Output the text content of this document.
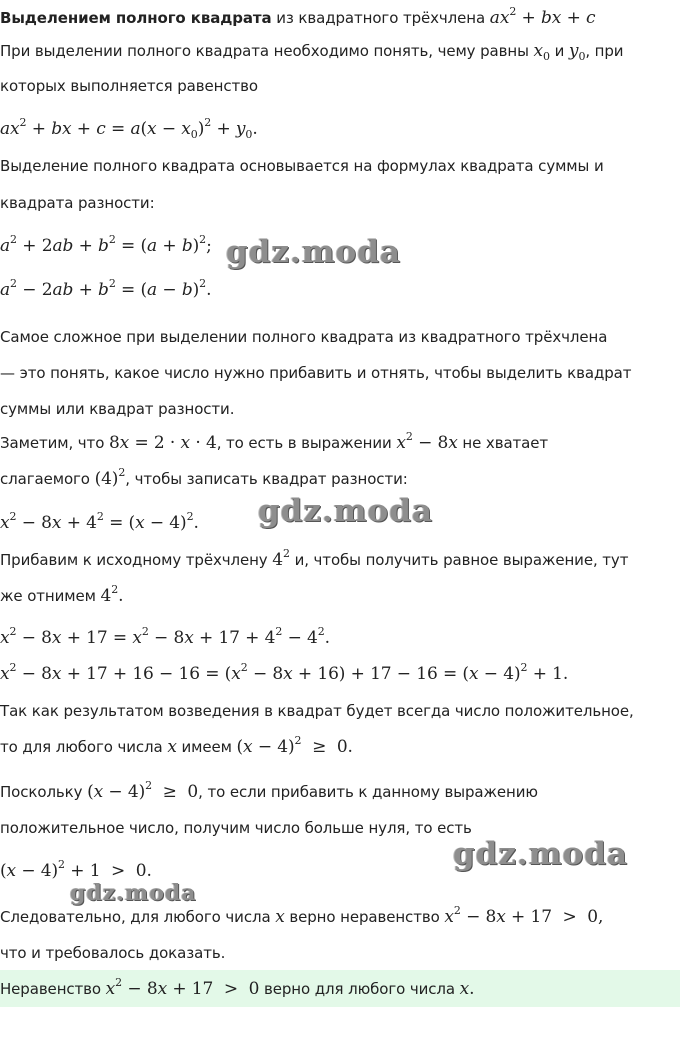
Выделением полного квадрата из квадратного трёхчлена $ax^2$ + bx + c
При выделении полного квадрата необходимо понять, чему равны $x_0$ и $y_0$, при
которых выполняется равенство
$ax^2$ + bx + $c = a(x - x_0)^2 + y_0$.
Выделение полного квадрата основывается на формулах квадрата суммы и
квадрата разности:
$a^2 + 2ab + b^2 = (a + b)^2$;
$a^2 - 2ab + b^2 = (a - b)^2$.
Самое сложное при выделении полного квадрата из квадратного трёхчлена
— это понять, какое число нужно прибавить и отнять, чтобы выделить квадрат
суммы или квадрат разности.
Заметим, что 8x = 2 · x · 4, то есть в выражении $x^2 - 8x$ не хватает
слагаемого $(4)^2$, чтобы записать квадрат разности:
$x^2 - 8x + 4^2 = (x - 4)^2$.
Прибавим к исходному трёхчлену $4^2$ и, чтобы получить равное выражение, тут
же отнимем $4^2$.
$x^2 - 8x + 17 = x^2 - 8x + 17 + 4^2 - 4^2$.
$x^2 - 8x + 17 + 16 - 16 = (x^2 - 8x + 16) + 17 - 16 = (x - 4)^2 + 1$.
Так как результатом возведения в квадрат будет всегда число положительное,
то для любого числа x имеем $(x - 4)^2 \ge 0$.
Поскольку $(x - 4)^2 \ge 0$, то если прибавить к данному выражению
положительное число, получим число больше нуля, то есть
$(x - 4)^2 + 1 > 0$.
Следовательно, для любого числа x верно неравенство $x^2 - 8x + 17 > 0$,
что и требовалось доказать.
Неравенство $x^2 - 8x + 17 > 0$ верно для любого числа x.
gdz.moda
gdz.moda
gdz.moda
gdz.moda
